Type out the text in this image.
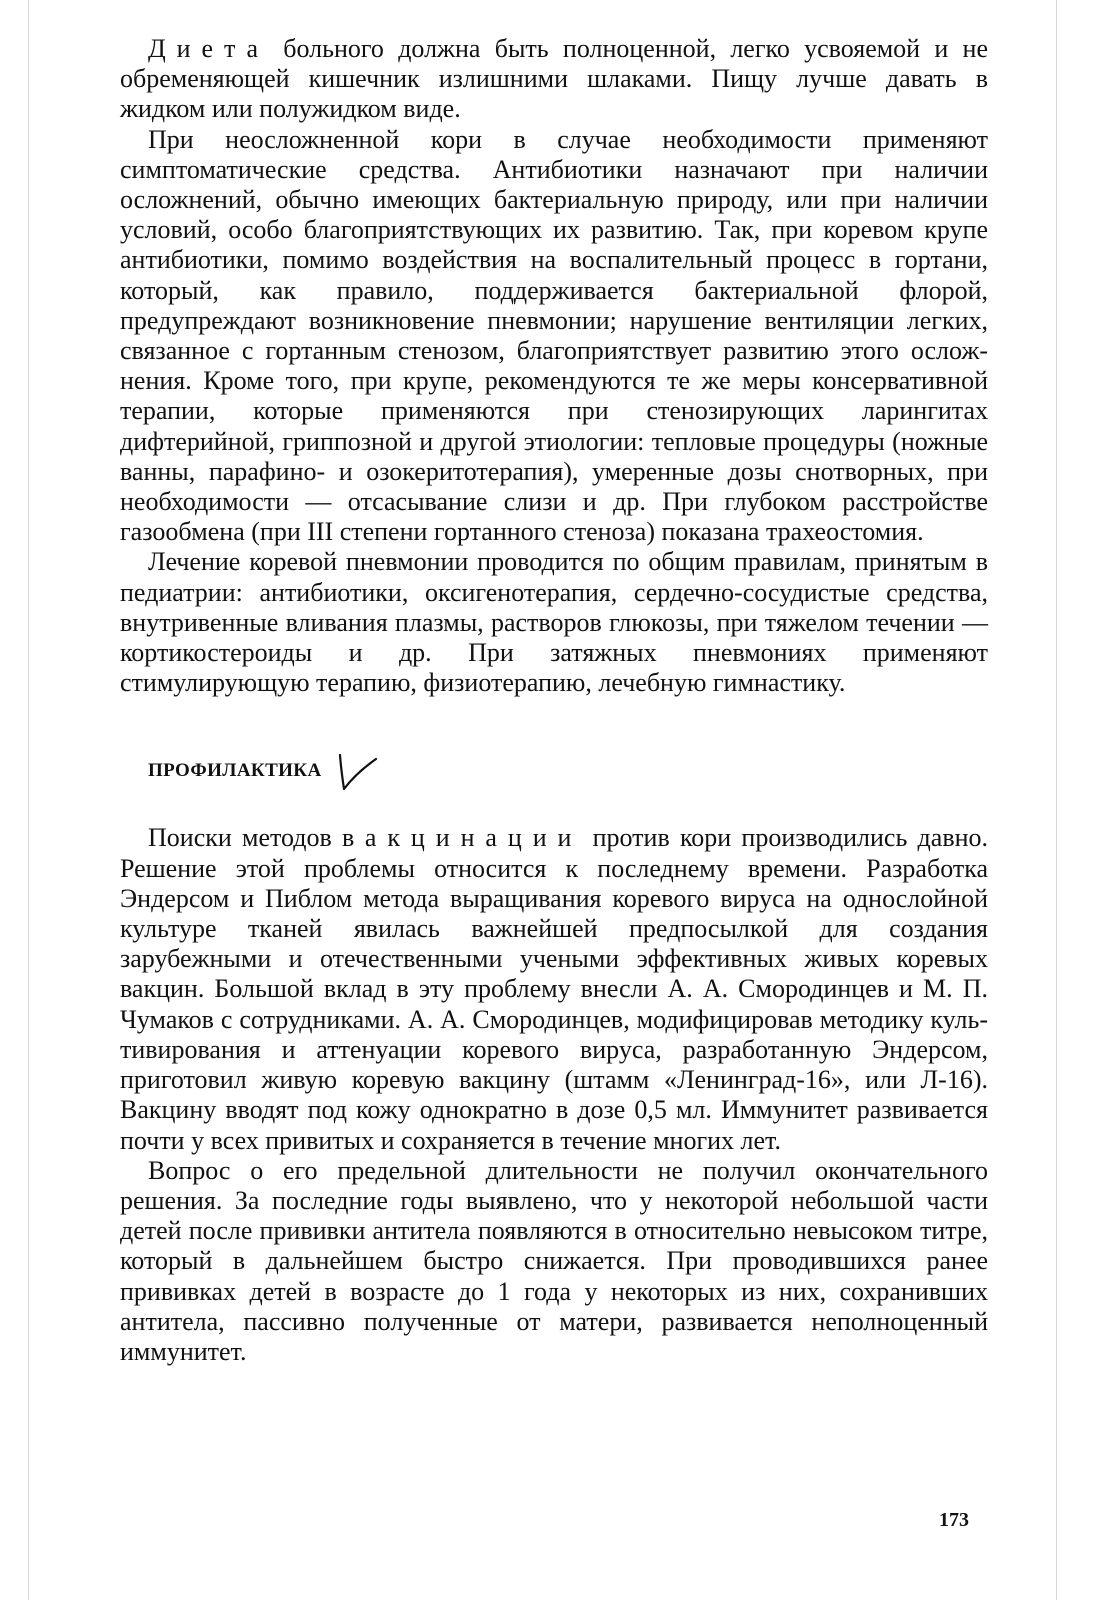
Диета больного должна быть полноценной, легко усвояемой и не обременяющей кишечник излишними шлаками. Пищу лучше давать в жидком или полужидком виде.

При неосложненной кори в случае необходимости применяют симптоматические средства. Антибиотики назначают при наличии осложнений, обычно имеющих бактериальную природу, или при наличии условий, особо благоприятствующих их развитию. Так, при коревом крупе антибиотики, помимо воздействия на воспалительный процесс в гортани, который, как правило, поддерживается бактериальной флорой, предупреждают возникновение пневмонии; нарушение вентиляции легких, связанное с гортанным стенозом, благоприятствует развитию этого осложнения. Кроме того, при крупе, рекомендуются те же меры консервативной терапии, которые применяются при стенозирующих ларингитах дифтерийной, гриппозной и другой этиологии: тепловые процедуры (ножные ванны, парафино- и озокеритотерапия), умеренные дозы снотворных, при необходимости — отсасывание слизи и др. При глубоком расстройстве газообмена (при III степени гортанного стеноза) показана трахеостомия.

Лечение коревой пневмонии проводится по общим правилам, принятым в педиатрии: антибиотики, оксигенотерапия, сердечно-сосудистые средства, внутривенные вливания плазмы, растворов глюкозы, при тяжелом течении — кортикостероиды и др. При затяжных пневмониях применяют стимулирующую терапию, физиотерапию, лечебную гимнастику.

ПРОФИЛАКТИКА

Поиски методов вакцинации против кори производились давно. Решение этой проблемы относится к последнему времени. Разработка Эндерсом и Пиблом метода выращивания коревого вируса на однослойной культуре тканей явилась важнейшей предпосылкой для создания зарубежными и отечественными учеными эффективных живых коревых вакцин. Большой вклад в эту проблему внесли А. А. Смородинцев и М. П. Чумаков с сотрудниками. А. А. Смородинцев, модифицировав методику культивирования и аттенуации коревого вируса, разработанную Эндерсом, приготовил живую коревую вакцину (штамм «Ленинград-16», или Л-16). Вакцину вводят под кожу однократно в дозе 0,5 мл. Иммунитет развивается почти у всех привитых и сохраняется в течение многих лет.

Вопрос о его предельной длительности не получил окончательного решения. За последние годы выявлено, что у некоторой небольшой части детей после прививки антитела появляются в относительно невысоком титре, который в дальнейшем быстро снижается. При проводившихся ранее прививках детей в возрасте до 1 года у некоторых из них, сохранивших антитела, пассивно полученные от матери, развивается неполноценный иммунитет.

173
